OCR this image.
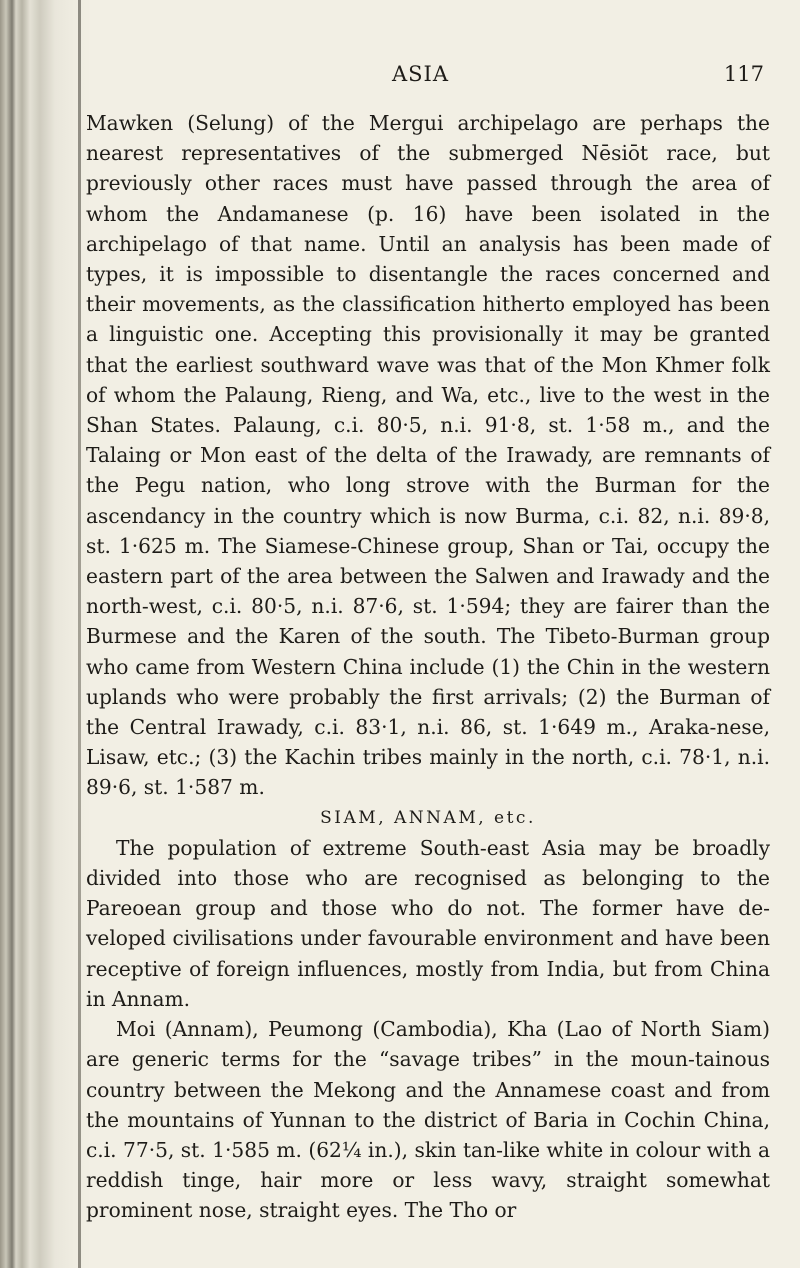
ASIA	117

Mawken (Selung) of the Mergui archipelago are perhaps the nearest representatives of the submerged Nēsiōt race, but previously other races must have passed through the area of whom the Andamanese (p. 16) have been isolated in the archipelago of that name. Until an analysis has been made of types, it is impossible to disentangle the races concerned and their movements, as the classification hitherto employed has been a linguistic one. Accepting this provisionally it may be granted that the earliest southward wave was that of the Mon Khmer folk of whom the Palaung, Rieng, and Wa, etc., live to the west in the Shan States. Palaung, c.i. 80·5, n.i. 91·8, st. 1·58 m., and the Talaing or Mon east of the delta of the Irawady, are remnants of the Pegu nation, who long strove with the Burman for the ascendancy in the country which is now Burma, c.i. 82, n.i. 89·8, st. 1·625 m. The Siamese-Chinese group, Shan or Tai, occupy the eastern part of the area between the Salwen and Irawady and the north-west, c.i. 80·5, n.i. 87·6, st. 1·594; they are fairer than the Burmese and the Karen of the south. The Tibeto-Burman group who came from Western China include (1) the Chin in the western uplands who were probably the first arrivals; (2) the Burman of the Central Irawady, c.i. 83·1, n.i. 86, st. 1·649 m., Araka-nese, Lisaw, etc.; (3) the Kachin tribes mainly in the north, c.i. 78·1, n.i. 89·6, st. 1·587 m.

SIAM, ANNAM, etc.

The population of extreme South-east Asia may be broadly divided into those who are recognised as belonging to the Pareoean group and those who do not. The former have de-veloped civilisations under favourable environment and have been receptive of foreign influences, mostly from India, but from China in Annam.

Moi (Annam), Peumong (Cambodia), Kha (Lao of North Siam) are generic terms for the “savage tribes” in the moun-tainous country between the Mekong and the Annamese coast and from the mountains of Yunnan to the district of Baria in Cochin China, c.i. 77·5, st. 1·585 m. (62¼ in.), skin tan-like white in colour with a reddish tinge, hair more or less wavy, straight somewhat prominent nose, straight eyes. The Tho or
